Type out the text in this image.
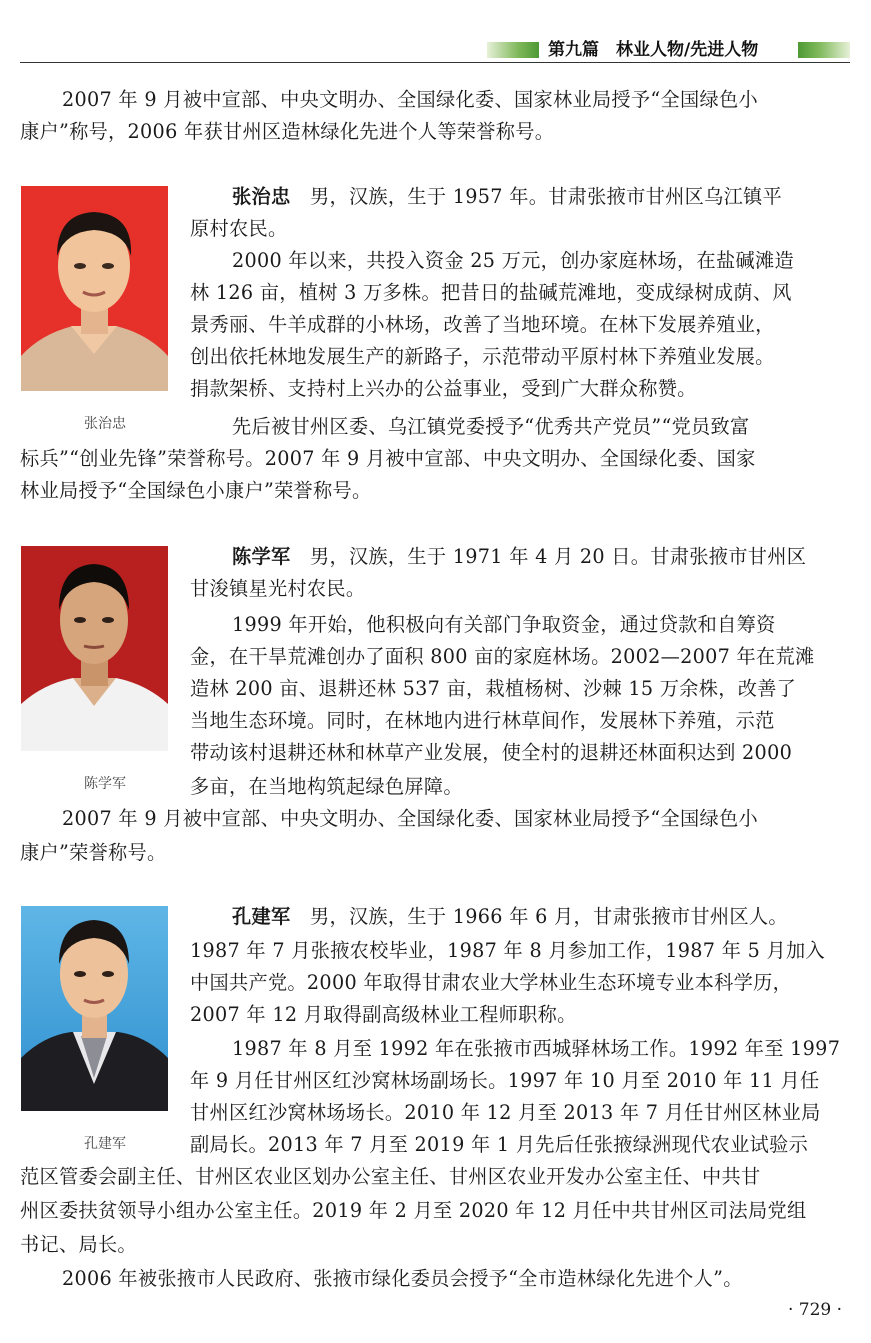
第九篇　林业人物/先进人物
2007 年 9 月被中宣部、中央文明办、全国绿化委、国家林业局授予“全国绿色小
康户”称号，2006 年获甘州区造林绿化先进个人等荣誉称号。
张治忠
张治忠　 男，汉族，生于 1957 年。甘肃张掖市甘州区乌江镇平
原村农民。
2000 年以来，共投入资金 25 万元，创办家庭林场，在盐碱滩造
林 126 亩，植树 3 万多株。把昔日的盐碱荒滩地，变成绿树成荫、风
景秀丽、牛羊成群的小林场，改善了当地环境。在林下发展养殖业，
创出依托林地发展生产的新路子，示范带动平原村林下养殖业发展。
捐款架桥、支持村上兴办的公益事业，受到广大群众称赞。
先后被甘州区委、乌江镇党委授予“优秀共产党员”“党员致富
标兵”“创业先锋”荣誉称号。2007 年 9 月被中宣部、中央文明办、全国绿化委、国家
林业局授予“全国绿色小康户”荣誉称号。
陈学军
陈学军　 男，汉族，生于 1971 年 4 月 20 日。甘肃张掖市甘州区
甘浚镇星光村农民。
1999 年开始，他积极向有关部门争取资金，通过贷款和自筹资
金，在干旱荒滩创办了面积 800 亩的家庭林场。2002—2007 年在荒滩
造林 200 亩、退耕还林 537 亩，栽植杨树、沙棘 15 万余株，改善了
当地生态环境。同时，在林地内进行林草间作，发展林下养殖，示范
带动该村退耕还林和林草产业发展，使全村的退耕还林面积达到 2000
多亩，在当地构筑起绿色屏障。
2007 年 9 月被中宣部、中央文明办、全国绿化委、国家林业局授予“全国绿色小
康户”荣誉称号。
孔建军
孔建军　 男，汉族，生于 1966 年 6 月，甘肃张掖市甘州区人。
1987 年 7 月张掖农校毕业，1987 年 8 月参加工作，1987 年 5 月加入
中国共产党。2000 年取得甘肃农业大学林业生态环境专业本科学历，
2007 年 12 月取得副高级林业工程师职称。
1987 年 8 月至 1992 年在张掖市西城驿林场工作。1992 年至 1997
年 9 月任甘州区红沙窝林场副场长。1997 年 10 月至 2010 年 11 月任
甘州区红沙窝林场场长。2010 年 12 月至 2013 年 7 月任甘州区林业局
副局长。2013 年 7 月至 2019 年 1 月先后任张掖绿洲现代农业试验示
范区管委会副主任、甘州区农业区划办公室主任、甘州区农业开发办公室主任、中共甘
州区委扶贫领导小组办公室主任。2019 年 2 月至 2020 年 12 月任中共甘州区司法局党组
书记、局长。
2006 年被张掖市人民政府、张掖市绿化委员会授予“全市造林绿化先进个人”。
· 729 ·
